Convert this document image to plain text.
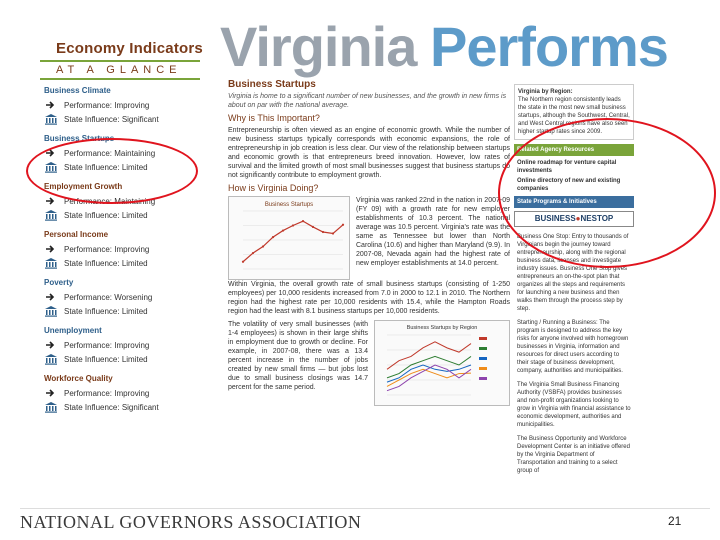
Economy Indicators
AT A GLANCE Virginia Performs
Business Climate
Performance: Improving
State Influence: Significant
Business Startups
Performance: Maintaining
State Influence: Limited
Employment Growth
Performance: Maintaining
State Influence: Limited
Personal Income
Performance: Improving
State Influence: Limited
Poverty
Performance: Worsening
State Influence: Limited
Unemployment
Performance: Improving
State Influence: Limited
Workforce Quality
Performance: Improving
State Influence: Significant
Business Startups
Virginia is home to a significant number of new businesses, and the growth in new firms is about on par with the national average.
Why is This Important?
Entrepreneurship is often viewed as an engine of economic growth. While the number of new business startups typically corresponds with economic expansions, the role of entrepreneurship in job creation is less clear. Our view of the relationship between startups and economic growth is that entrepreneurs breed innovation. However, low rates of survival and the limited growth of most small businesses suggest that business startups do not significantly contribute to employment growth.
How is Virginia Doing?
Business Startups
Virginia was ranked 22nd in the nation in 2007-09 (FY 09) with a growth rate for new employer establishments of 10.3 percent. The national average was 10.5 percent. Virginia's rate was the same as Tennessee but lower than North Carolina (10.6) and higher than Maryland (9.9). In 2007-08, Nevada again had the highest rate of new employer establishments at 14.0 percent.
Within Virginia, the overall growth rate of small business startups (consisting of 1-250 employees) per 10,000 residents increased from 7.0 in 2000 to 12.1 in 2010. The Northern region had the highest rate per 10,000 residents with 15.4, while the Hampton Roads region had the least with 8.1 business startups per 10,000 residents.
The volatility of very small businesses (with 1-4 employees) is shown in their large shifts in employment due to growth or decline. For example, in 2007-08, there was a 13.4 percent increase in the number of jobs created by new small firms — but jobs lost due to small business closings was 14.7 percent for the same period.
Business Startups by Region
Virginia by Region:
The Northern region consistently leads the state in the most new small business startups, although the Southwest, Central, and West Central regions have also seen higher startup rates since 2009.
Related Agency Resources
Online roadmap for venture capital investments
Online directory of new and existing companies
State Programs & Initiatives
BUSINESS●NESTOP
Business One Stop: Entry to thousands of Virginians begin the journey toward entrepreneurship, along with the regional business data, licenses and investigate industry issues. Business One Stop gives entrepreneurs an on-the-spot plan that organizes all the steps and requirements for launching a new business and then walks them through the process step by step.
Starting / Running a Business: The program is designed to address the key risks for anyone involved with homegrown businesses in Virginia, information and resources for direct users according to their stage of business development, company, authorities and municipalities.
The Virginia Small Business Financing Authority (VSBFA) provides businesses and non-profit organizations looking to grow in Virginia with financial assistance to economic development, authorities and municipalities.
The Business Opportunity and Workforce Development Center is an initiative offered by the Virginia Department of Transportation and training to a select group of
NATIONAL GOVERNORS ASSOCIATION	21
